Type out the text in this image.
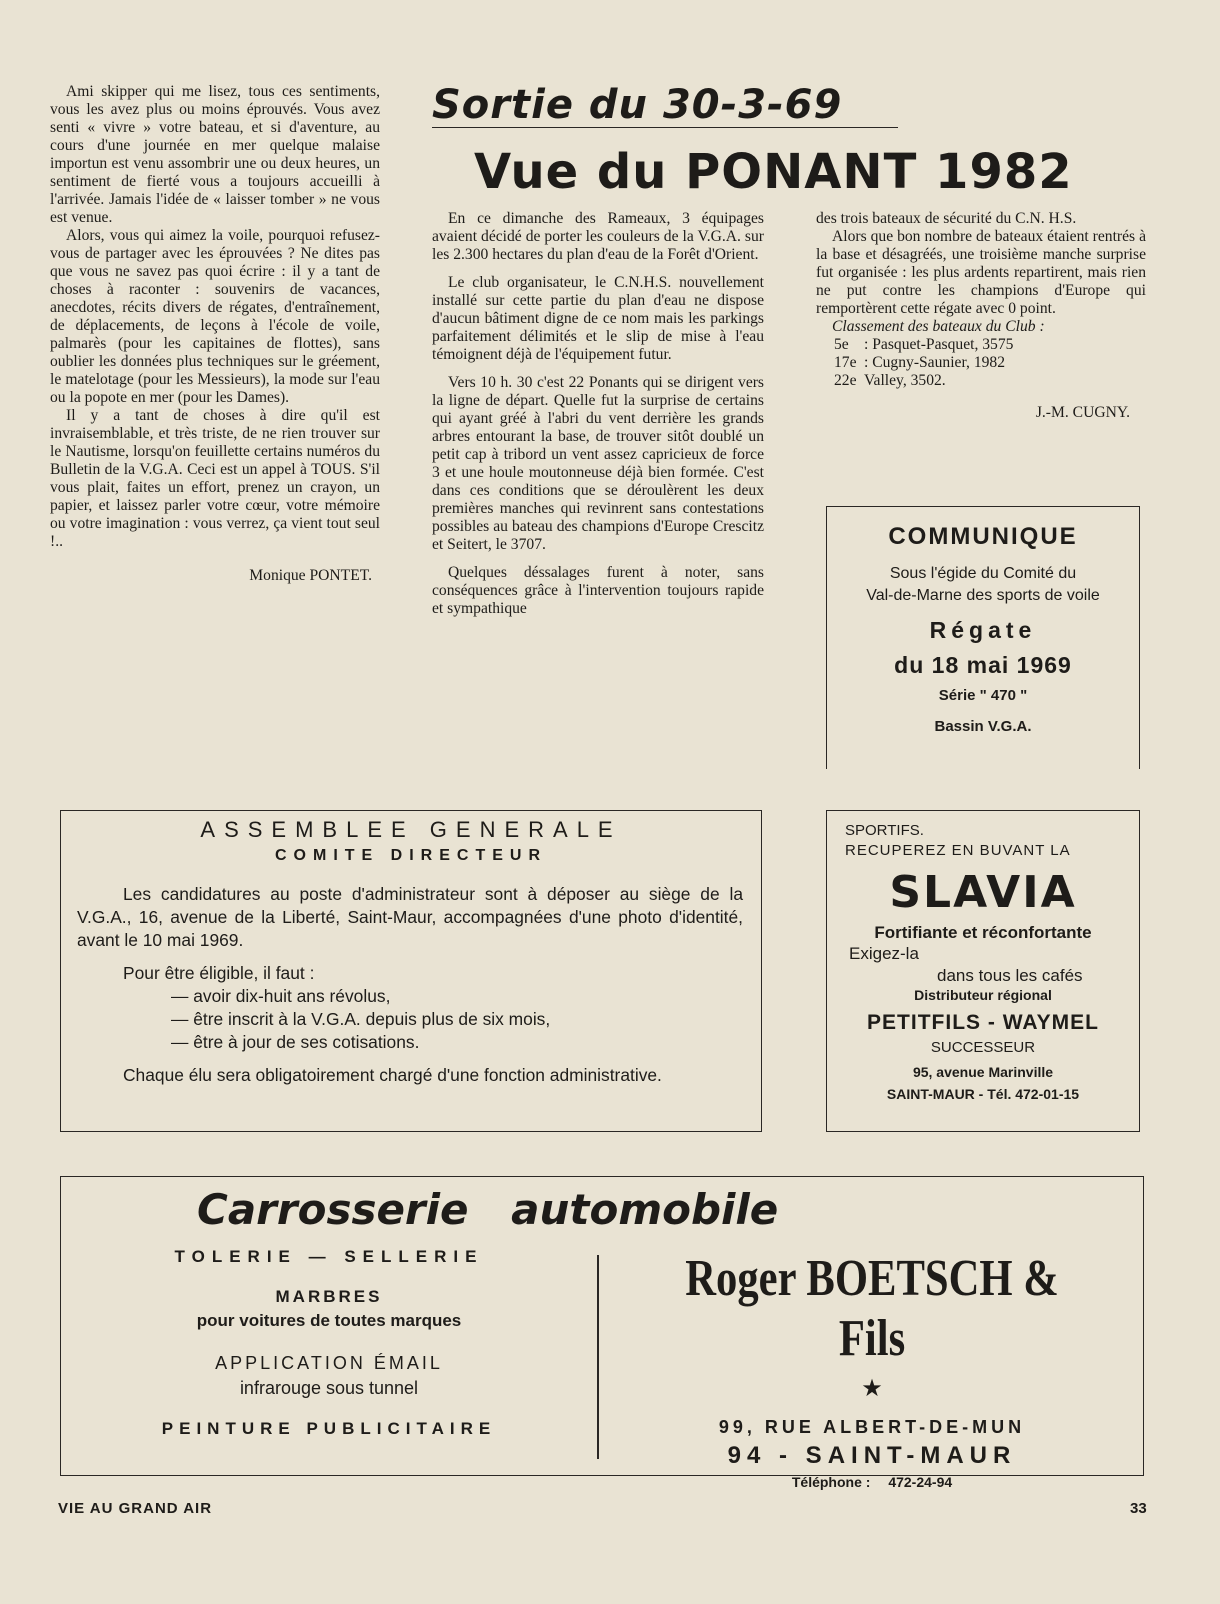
Ami skipper qui me lisez, tous ces sentiments, vous les avez plus ou moins éprouvés. Vous avez senti « vivre » votre bateau, et si d'aventure, au cours d'une journée en mer quelque malaise importun est venu assombrir une ou deux heures, un sentiment de fierté vous a toujours accueilli à l'arrivée. Jamais l'idée de « laisser tomber » ne vous est venue.

Alors, vous qui aimez la voile, pourquoi refusez-vous de partager avec les éprouvées ? Ne dites pas que vous ne savez pas quoi écrire : il y a tant de choses à raconter : souvenirs de vacances, anecdotes, récits divers de régates, d'entraînement, de déplacements, de leçons à l'école de voile, palmarès (pour les capitaines de flottes), sans oublier les données plus techniques sur le gréement, le matelotage (pour les Messieurs), la mode sur l'eau ou la popote en mer (pour les Dames).

Il y a tant de choses à dire qu'il est invraisemblable, et très triste, de ne rien trouver sur le Nautisme, lorsqu'on feuillette certains numéros du Bulletin de la V.G.A. Ceci est un appel à TOUS. S'il vous plait, faites un effort, prenez un crayon, un papier, et laissez parler votre cœur, votre mémoire ou votre imagination : vous verrez, ça vient tout seul !..

Monique PONTET.

Sortie du 30-3-69
Vue du PONANT 1982

En ce dimanche des Rameaux, 3 équipages avaient décidé de porter les couleurs de la V.G.A. sur les 2.300 hectares du plan d'eau de la Forêt d'Orient.

Le club organisateur, le C.N.H.S. nouvellement installé sur cette partie du plan d'eau ne dispose d'aucun bâtiment digne de ce nom mais les parkings parfaitement délimités et le slip de mise à l'eau témoignent déjà de l'équipement futur.

Vers 10 h. 30 c'est 22 Ponants qui se dirigent vers la ligne de départ. Quelle fut la surprise de certains qui ayant gréé à l'abri du vent derrière les grands arbres entourant la base, de trouver sitôt doublé un petit cap à tribord un vent assez capricieux de force 3 et une houle moutonneuse déjà bien formée. C'est dans ces conditions que se déroulèrent les deux premières manches qui revinrent sans contestations possibles au bateau des champions d'Europe Crescitz et Seitert, le 3707.

Quelques déssalages furent à noter, sans conséquences grâce à l'intervention toujours rapide et sympathique

des trois bateaux de sécurité du C.N. H.S.

Alors que bon nombre de bateaux étaient rentrés à la base et désagréés, une troisième manche surprise fut organisée : les plus ardents repartirent, mais rien ne put contre les champions d'Europe qui remportèrent cette régate avec 0 point.

Classement des bateaux du Club :

5e : Pasquet-Pasquet, 3575
17e : Cugny-Saunier, 1982
22e Valley, 3502.

J.-M. CUGNY.

COMMUNIQUE
Sous l'égide du Comité du
Val-de-Marne des sports de voile
Régate
du 18 mai 1969
Série " 470 "
Bassin V.G.A.
ASSEMBLEE GENERALE
COMITE DIRECTEUR
Les candidatures au poste d'administrateur sont à déposer au siège de la V.G.A., 16, avenue de la Liberté, Saint-Maur, accompagnées d'une photo d'identité, avant le 10 mai 1969.
Pour être éligible, il faut :
— avoir dix-huit ans révolus,
— être inscrit à la V.G.A. depuis plus de six mois,
— être à jour de ses cotisations.
Chaque élu sera obligatoirement chargé d'une fonction administrative.
SPORTIFS.
RECUPEREZ EN BUVANT LA
SLAVIA
Fortifiante et réconfortante
Exigez-la
dans tous les cafés
Distributeur régional
PETITFILS - WAYMEL
SUCCESSEUR
95, avenue Marinville
SAINT-MAUR - Tél. 472-01-15
Carrosserie automobile
TOLERIE — SELLERIE
MARBRES
pour voitures de toutes marques
APPLICATION ÉMAIL
infrarouge sous tunnel
PEINTURE PUBLICITAIRE
Roger BOETSCH & Fils
★
99, RUE ALBERT-DE-MUN
94 - SAINT-MAUR
Téléphone : 472-24-94
VIE AU GRAND AIR	33
